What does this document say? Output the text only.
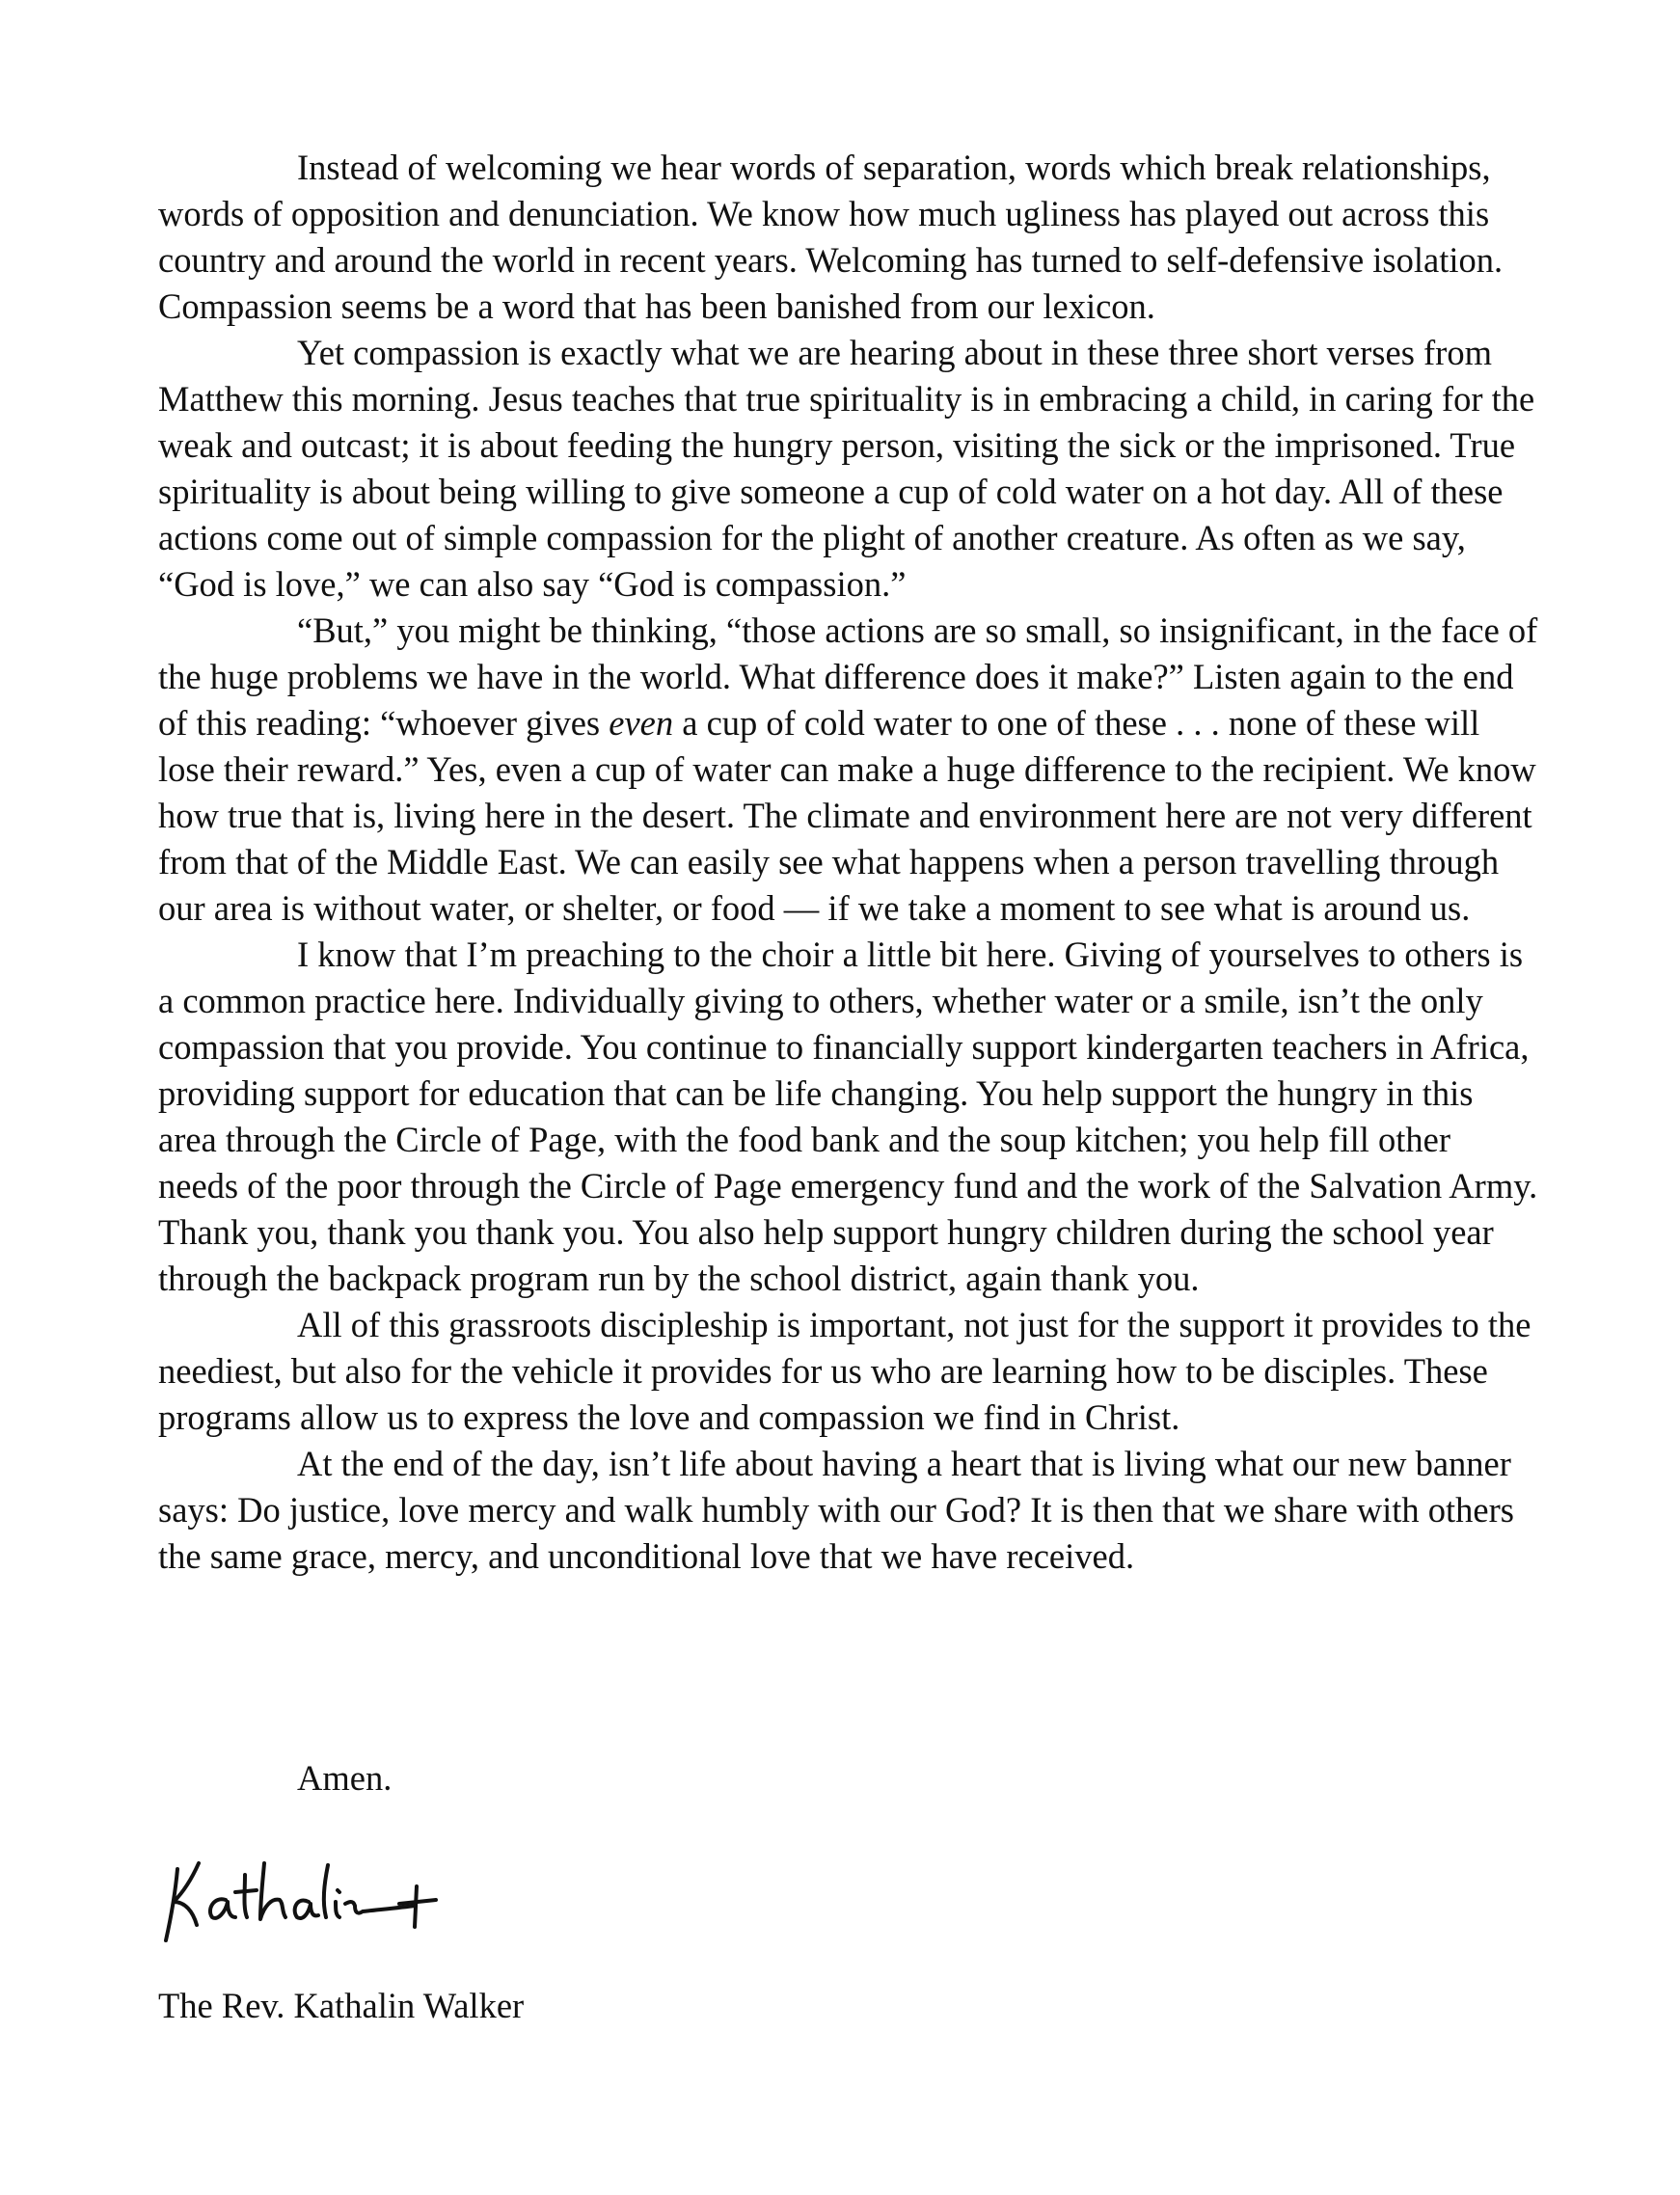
Instead of welcoming we hear words of separation, words which break relationships, words of opposition and denunciation. We know how much ugliness has played out across this country and around the world in recent years. Welcoming has turned to self-defensive isolation. Compassion seems be a word that has been banished from our lexicon.

Yet compassion is exactly what we are hearing about in these three short verses from Matthew this morning. Jesus teaches that true spirituality is in embracing a child, in caring for the weak and outcast; it is about feeding the hungry person, visiting the sick or the imprisoned. True spirituality is about being willing to give someone a cup of cold water on a hot day. All of these actions come out of simple compassion for the plight of another creature. As often as we say, “God is love,” we can also say “God is compassion.”

“But,” you might be thinking, “those actions are so small, so insignificant, in the face of the huge problems we have in the world. What difference does it make?” Listen again to the end of this reading: “whoever gives even a cup of cold water to one of these . . . none of these will lose their reward.” Yes, even a cup of water can make a huge difference to the recipient. We know how true that is, living here in the desert. The climate and environment here are not very different from that of the Middle East. We can easily see what happens when a person travelling through our area is without water, or shelter, or food — if we take a moment to see what is around us.

I know that I’m preaching to the choir a little bit here. Giving of yourselves to others is a common practice here. Individually giving to others, whether water or a smile, isn’t the only compassion that you provide. You continue to financially support kindergarten teachers in Africa, providing support for education that can be life changing. You help support the hungry in this area through the Circle of Page, with the food bank and the soup kitchen; you help fill other needs of the poor through the Circle of Page emergency fund and the work of the Salvation Army. Thank you, thank you thank you. You also help support hungry children during the school year through the backpack program run by the school district, again thank you.

All of this grassroots discipleship is important, not just for the support it provides to the neediest, but also for the vehicle it provides for us who are learning how to be disciples. These programs allow us to express the love and compassion we find in Christ.

At the end of the day, isn’t life about having a heart that is living what our new banner says: Do justice, love mercy and walk humbly with our God? It is then that we share with others the same grace, mercy, and unconditional love that we have received.

Amen.

The Rev. Kathalin Walker
